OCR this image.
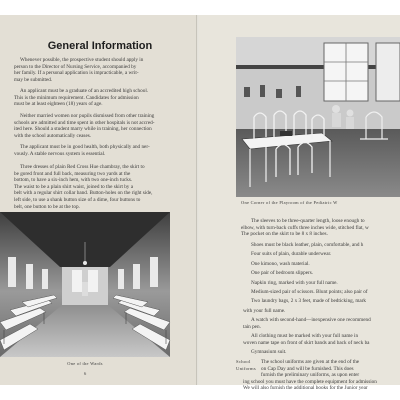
General Information
Whenever possible, the prospective student should apply in
person to the Director of Nursing Service, accompanied by
her family. If a personal application is impracticable, a writ-
may be submitted.
An applicant must be a graduate of an accredited high school.
This is the minimum requirement. Candidates for admission
must be at least eighteen (18) years of age.
Neither married women nor pupils dismissed from other training
schools are admitted and time spent in other hospitals is not accred-
ited here. Should a student marry while in training, her connection
with the school automatically ceases.
The applicant must be in good health, both physically and ner-
vously. A stable nervous system is essential.
Three dresses of plain Red Cross Hue chambray, the skirt to
be gored front and full back, measuring two yards at the
bottom, to have a six-inch hem, with two one-inch tucks.
The waist to be a plain shirt waist, joined to the skirt by a
belt with a regular shirt collar band. Button-holes on the right side,
left side, to use a shank button size of a dime, four buttons to
belt, one button to be at the top.
One of the Wards
6
One Corner of the Playroom of the Pediatric W
The sleeves to be three-quarter length, loose enough to
elbow, with turn-back cuffs three inches wide, stitched flat, w
The pocket on the skirt to be 8 x 8 inches.
Shoes must be black leather, plain, comfortable, and h
Four suits of plain, durable underwear.
One kimono, wash material.
One pair of bedroom slippers.
Napkin ring, marked with your full name.
Medium-sized pair of scissors. Blunt points; also pair of
Two laundry bags, 2 x 3 feet, made of bedticking, mark
with your full name.
A watch with second-hand—inexpensive one recommend
tain pen.
All clothing must be marked with your full name in
woven name tape on front of skirt bands and back of neck ba
Gymnasium suit.
School
Uniforms
The school uniforms are given at the end of the
on Cap Day and will be furnished. This does
furnish the preliminary uniforms, as upon enter
ing school you must have the complete equipment for admission
We will also furnish the additional books for the Junior year
